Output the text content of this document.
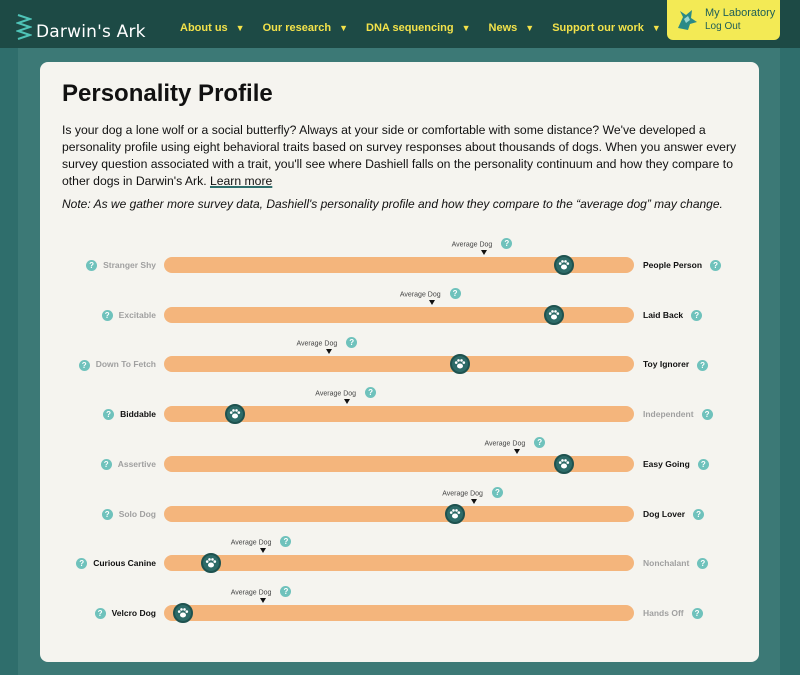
Darwin's Ark	About us ▼ Our research ▼ DNA sequencing ▼ News ▼ Support our work ▼
My Laboratory
Log Out
Personality Profile

Is your dog a lone wolf or a social butterfly? Always at your side or comfortable with some distance? We've developed a personality profile using eight behavioral traits based on survey responses about thousands of dogs. When you answer every survey question associated with a trait, you'll see where Dashiell falls on the personality continuum and how they compare to other dogs in Darwin's Ark. Learn more

Note: As we gather more survey data, Dashiell's personality profile and how they compare to the “average dog” may change.

Average Dog ?
? Stranger Shy	People Person ?
Average Dog ?
? Excitable	Laid Back ?
Average Dog ?
? Down To Fetch	Toy Ignorer ?
Average Dog ?
? Biddable	Independent ?
Average Dog ?
? Assertive	Easy Going ?
Average Dog ?
? Solo Dog	Dog Lover ?
Average Dog ?
? Curious Canine	Nonchalant ?
Average Dog ?
? Velcro Dog	Hands Off ?
